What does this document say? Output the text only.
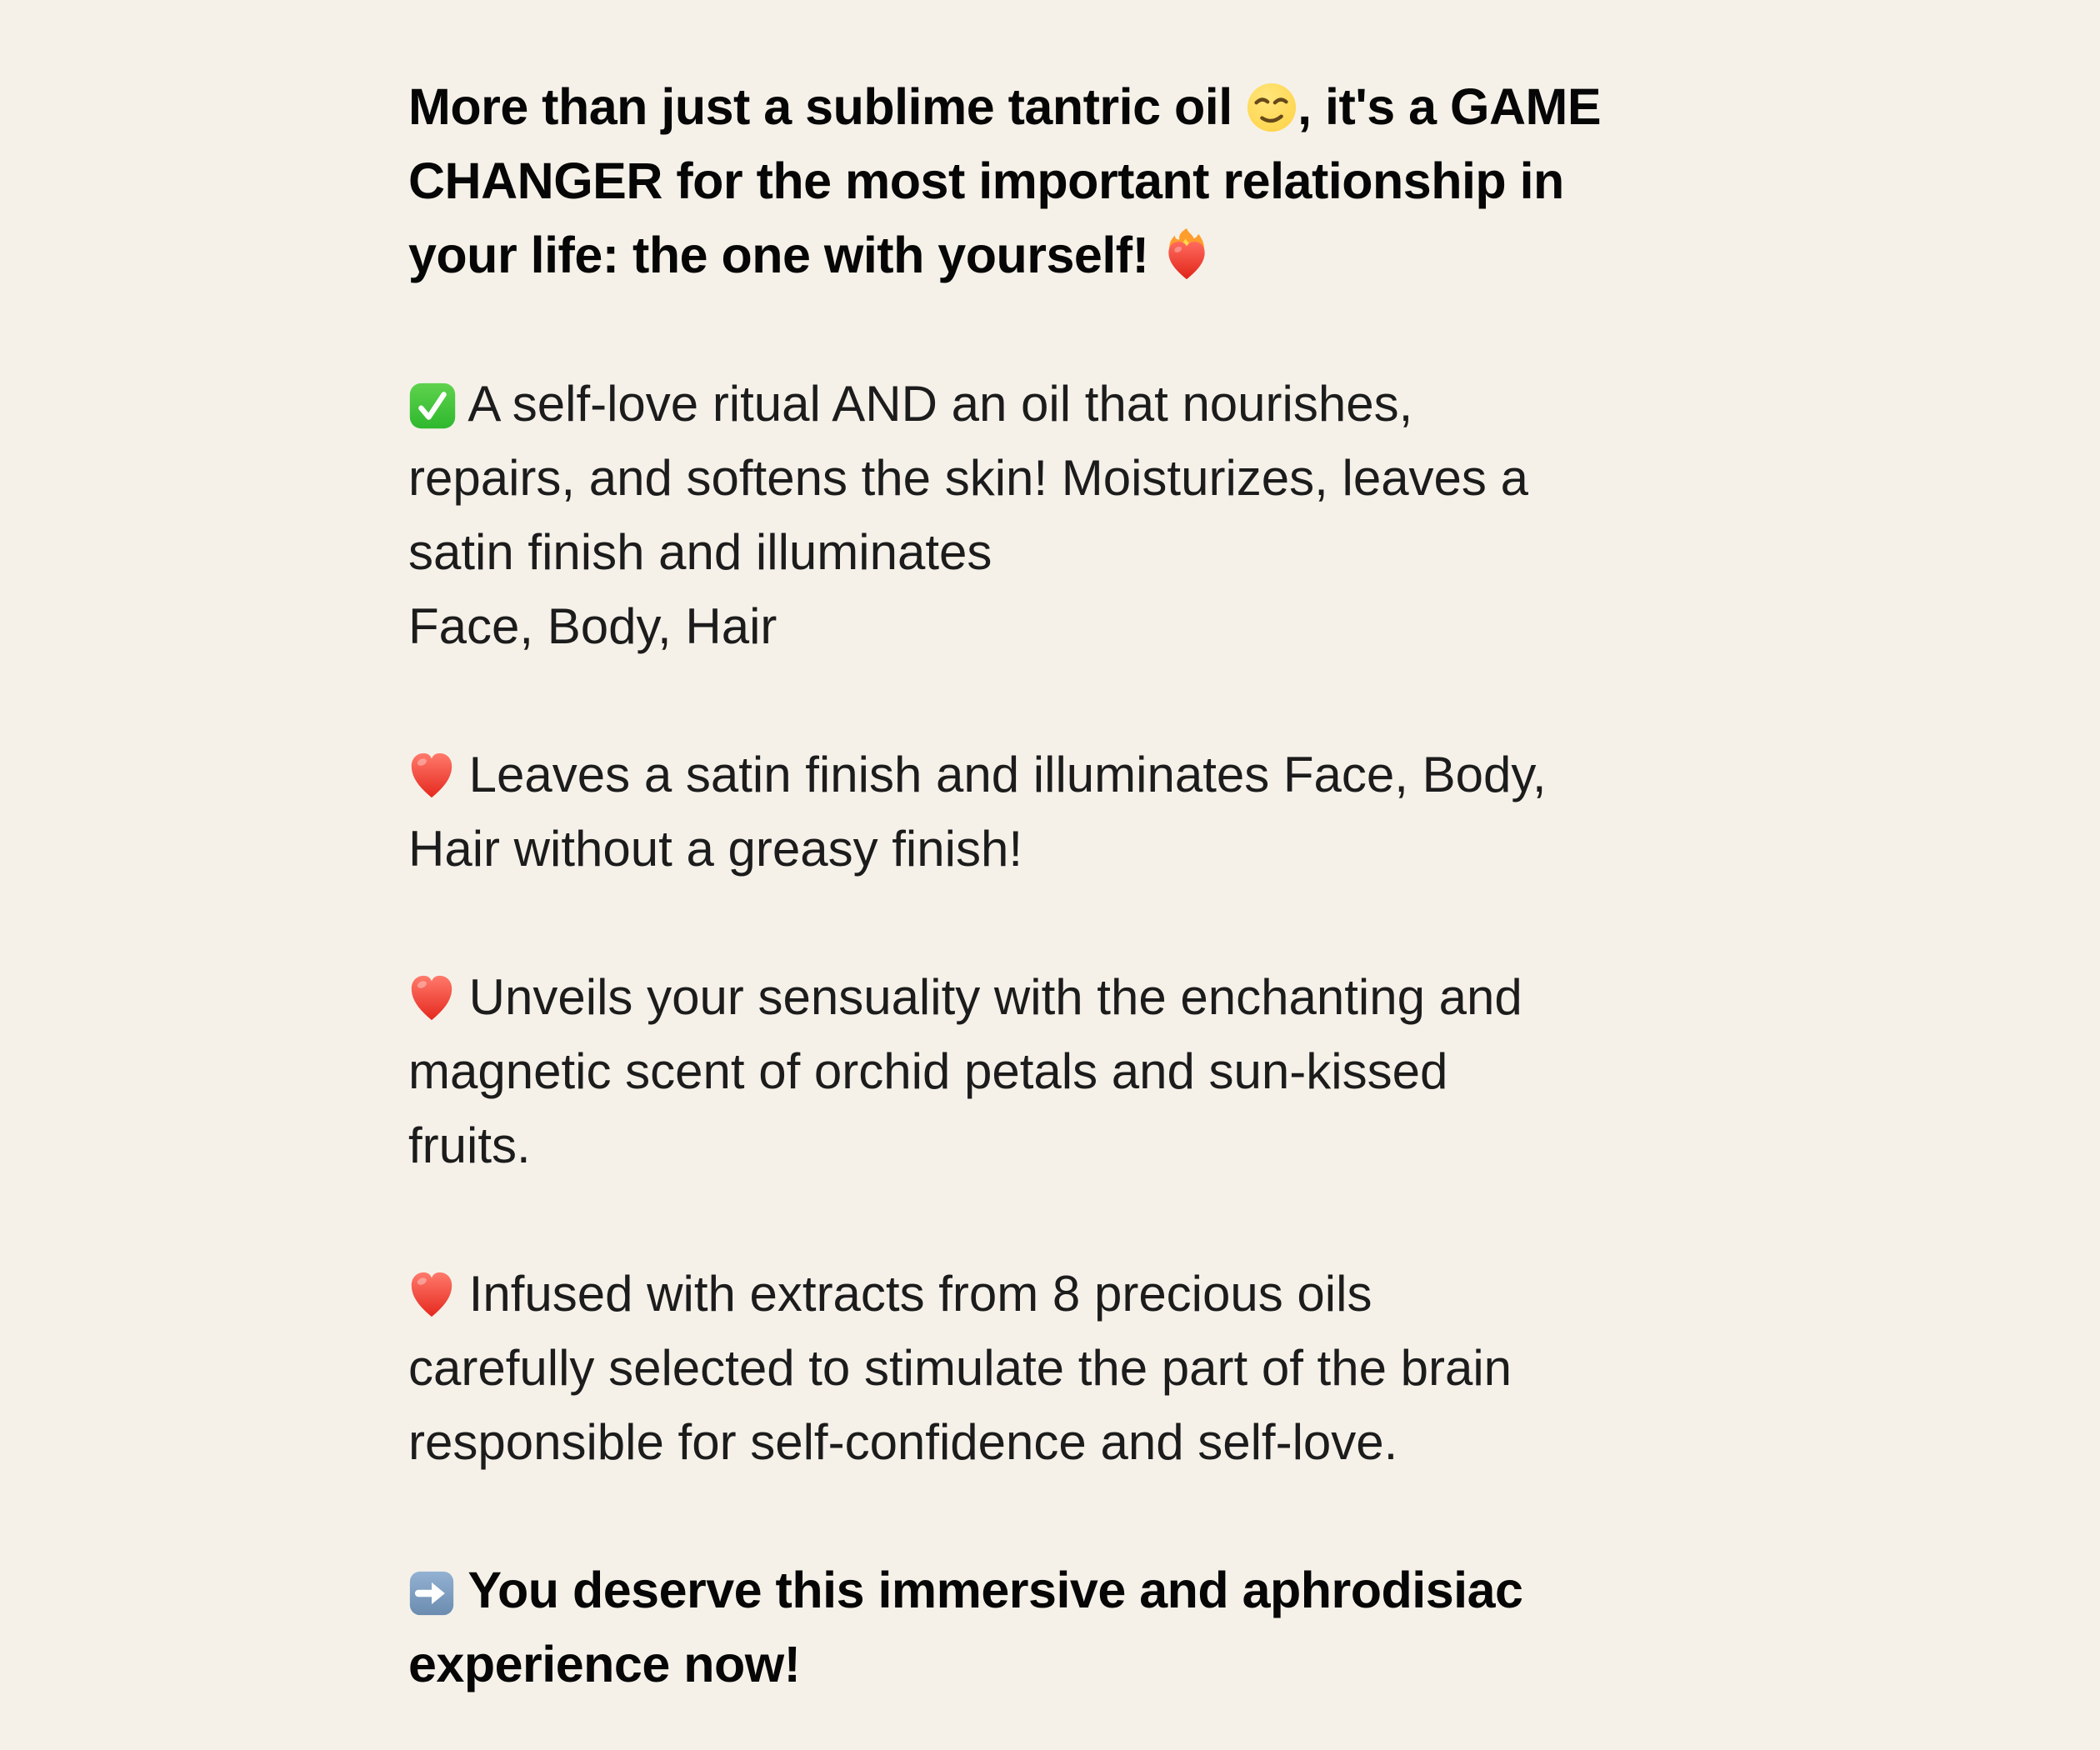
More than just a sublime tantric oil , it's a GAME
CHANGER for the most important relationship in
your life: the one with yourself!
A self-love ritual AND an oil that nourishes,
repairs, and softens the skin! Moisturizes, leaves a
satin finish and illuminates
Face, Body, Hair
Leaves a satin finish and illuminates Face, Body,
Hair without a greasy finish!
Unveils your sensuality with the enchanting and
magnetic scent of orchid petals and sun-kissed
fruits.
Infused with extracts from 8 precious oils
carefully selected to stimulate the part of the brain
responsible for self-confidence and self-love.
You deserve this immersive and aphrodisiac
experience now!
